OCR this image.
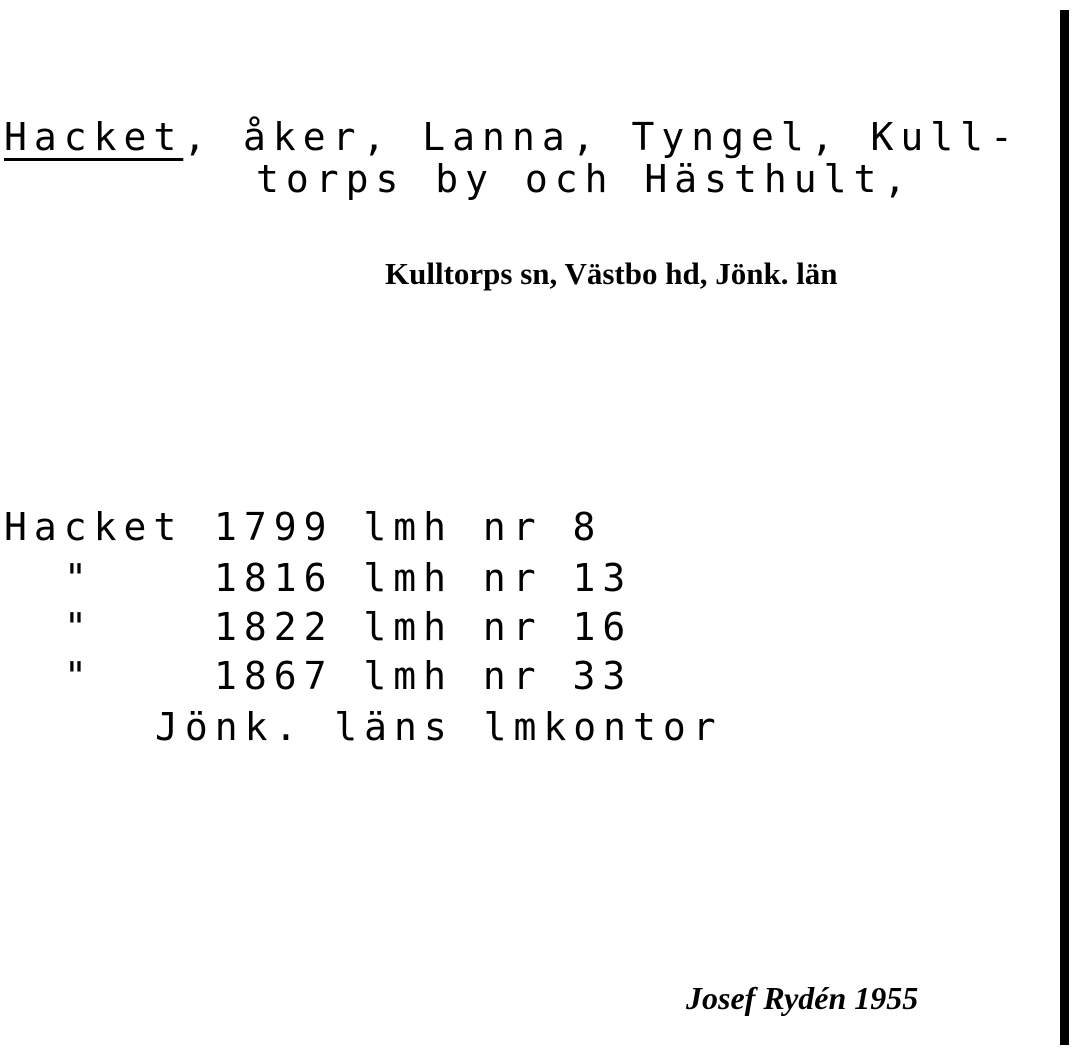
Hacket, åker, Lanna, Tyngel, Kull-
torps by och Hästhult,
Kulltorps sn, Västbo hd, Jönk. län
Hacket 1799 lmh nr 8
"	1816 lmh nr 13
"	1822 lmh nr 16
"	1867 lmh nr 33
Jönk. läns lmkontor
Josef Rydén 1955
